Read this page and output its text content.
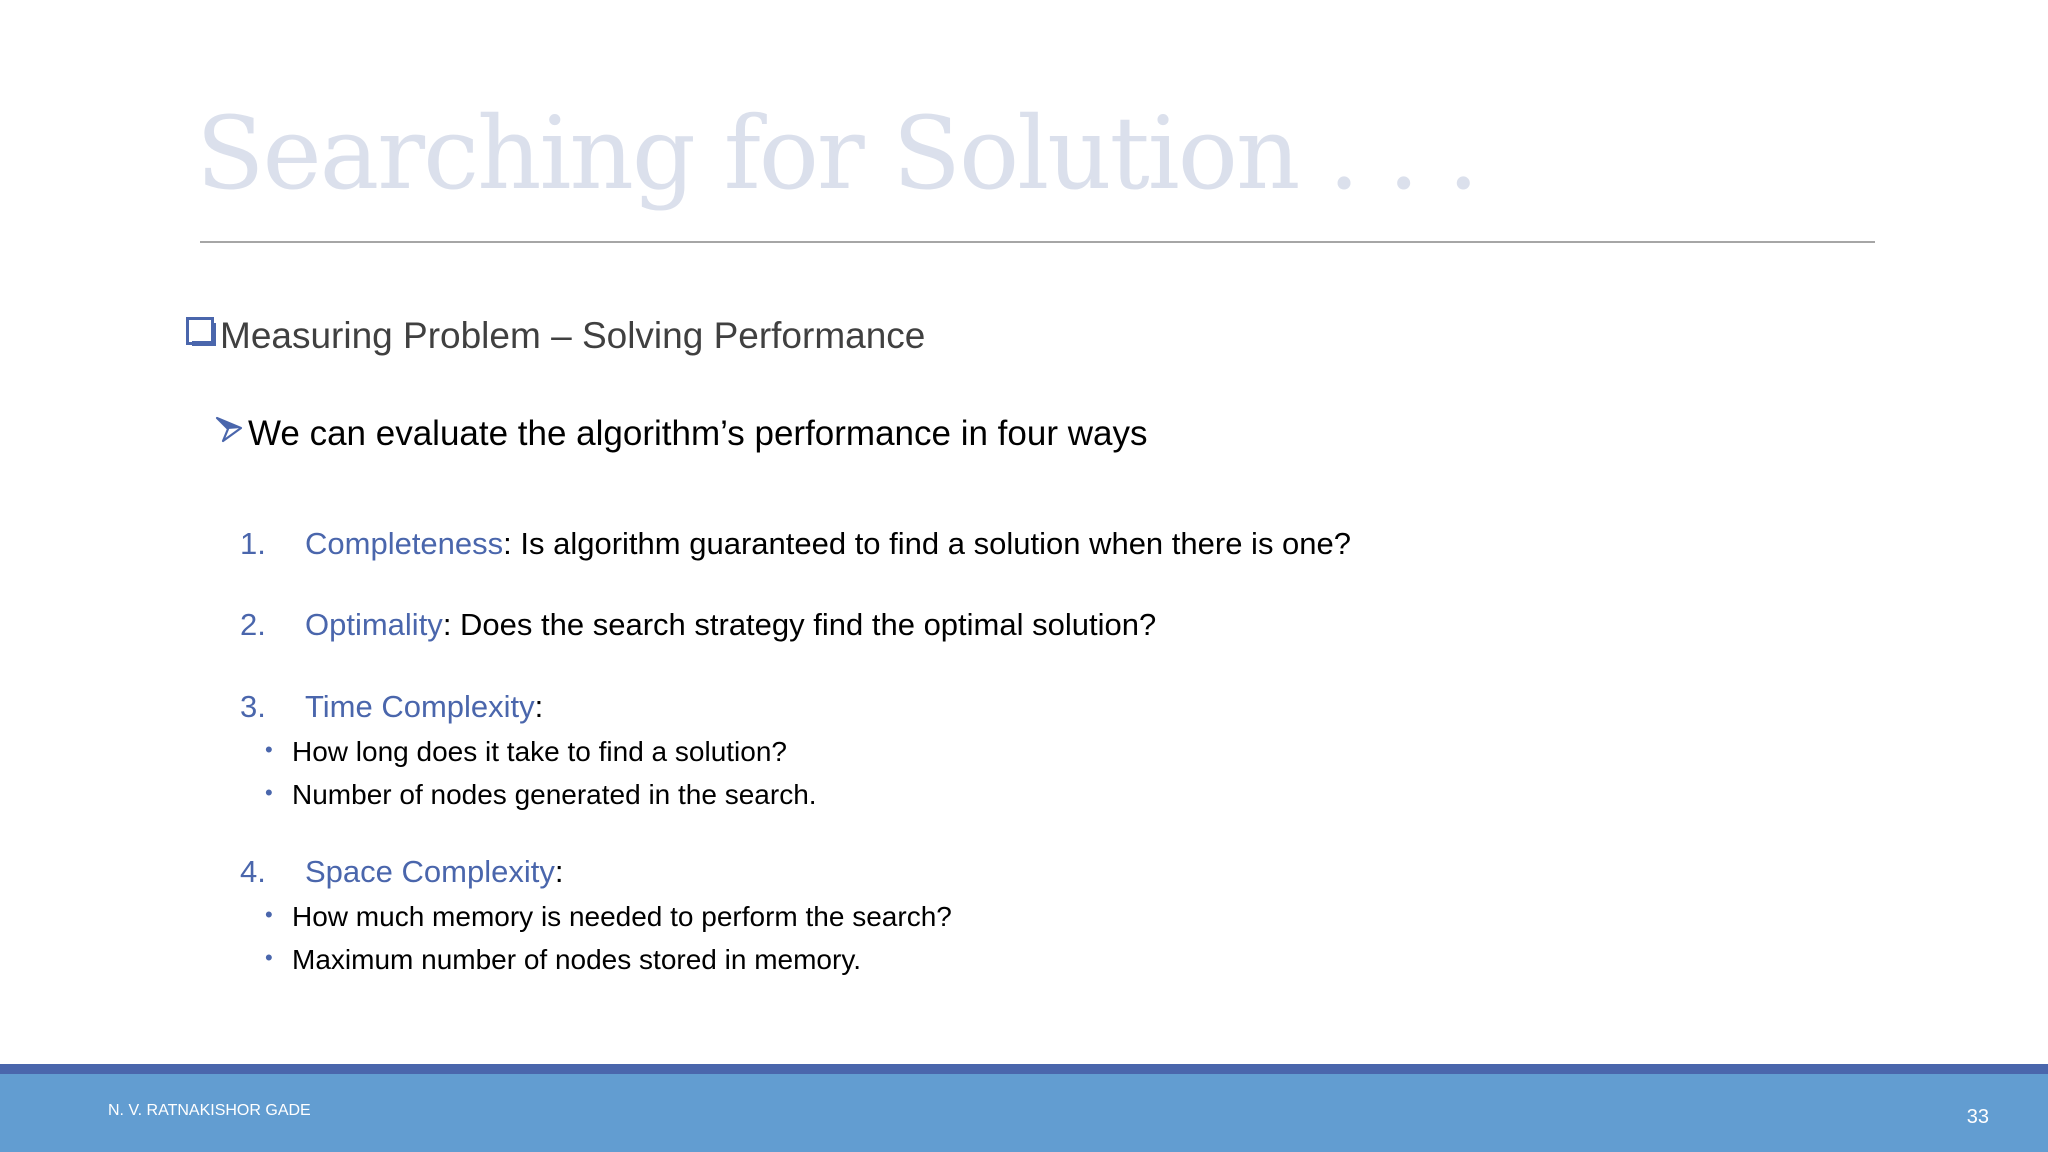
Searching for Solution . . .
Measuring Problem – Solving Performance
We can evaluate the algorithm’s performance in four ways
1.	Completeness : Is algorithm guaranteed to find a solution when there is one?
2.	Optimality : Does the search strategy find the optimal solution?
3.	Time Complexity :
• How long does it take to find a solution?
• Number of nodes generated in the search.
4.	Space Complexity :
• How much memory is needed to perform the search?
• Maximum number of nodes stored in memory.
N. V. RATNAKISHOR GADE	33
